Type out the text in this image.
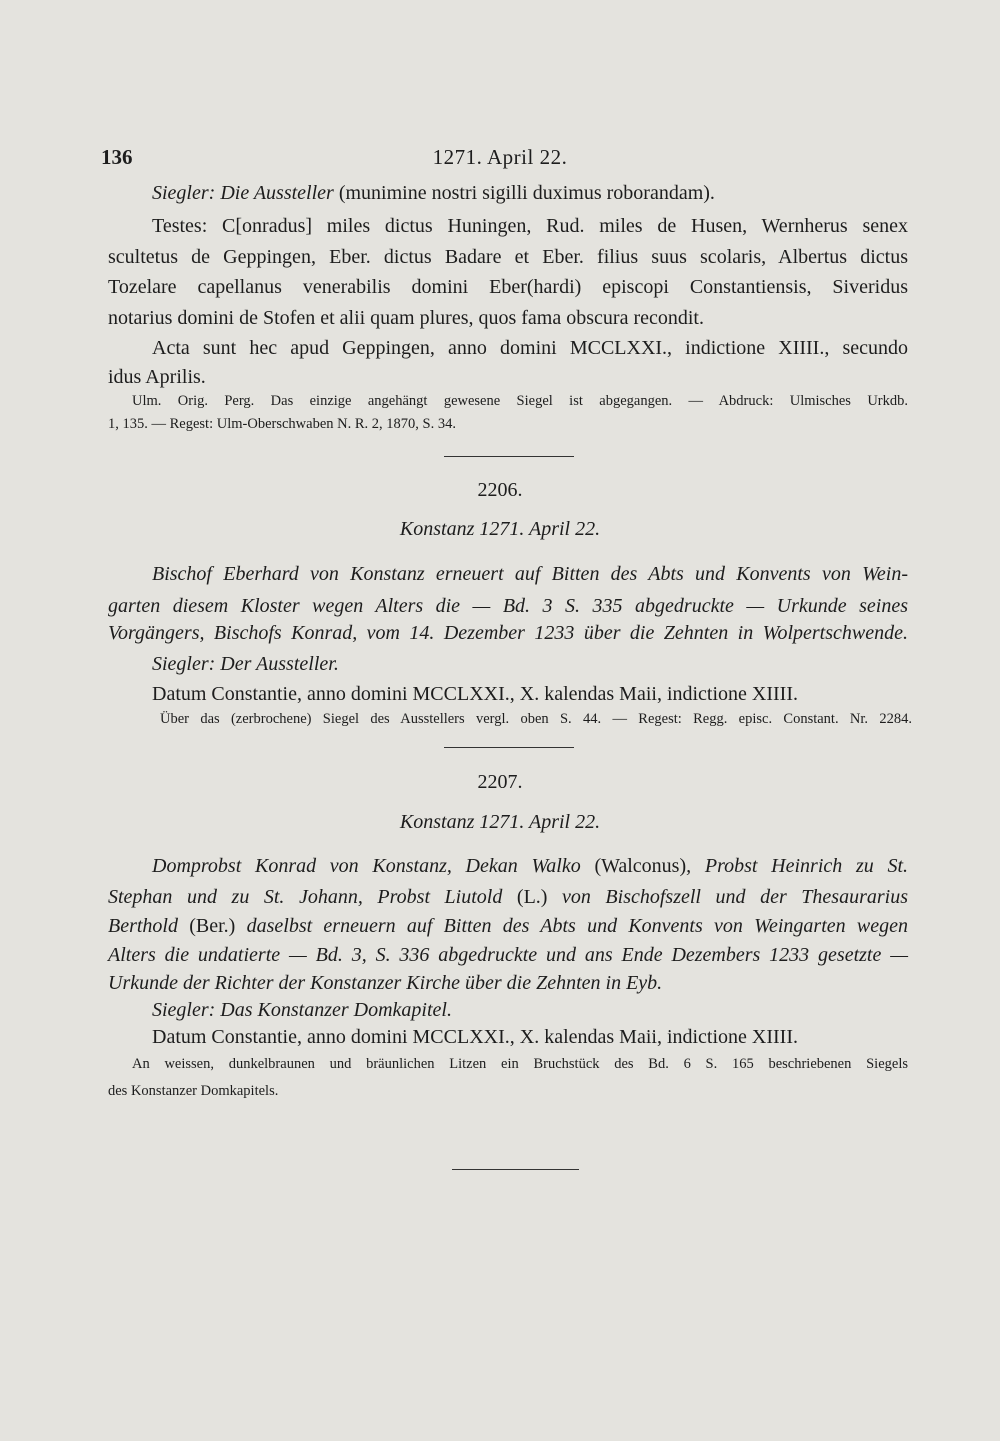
136	1271. April 22.
Siegler: Die Aussteller (munimine nostri sigilli duximus roborandam).
Testes: C[onradus] miles dictus Huningen, Rud. miles de Husen, Wernherus senex
scultetus de Geppingen, Eber. dictus Badare et Eber. filius suus scolaris, Albertus dictus
Tozelare capellanus venerabilis domini Eber(hardi) episcopi Constantiensis, Siveridus
notarius domini de Stofen et alii quam plures, quos fama obscura recondit.
Acta sunt hec apud Geppingen, anno domini MCCLXXI., indictione XIIII., secundo
idus Aprilis.
Ulm. Orig. Perg. Das einzige angehängt gewesene Siegel ist abgegangen. — Abdruck: Ulmisches Urkdb.
1, 135. — Regest: Ulm-Oberschwaben N. R. 2, 1870, S. 34.
2206.
Konstanz 1271. April 22.
Bischof Eberhard von Konstanz erneuert auf Bitten des Abts und Konvents von Wein-
garten diesem Kloster wegen Alters die — Bd. 3 S. 335 abgedruckte — Urkunde seines
Vorgängers, Bischofs Konrad, vom 14. Dezember 1233 über die Zehnten in Wolpertschwende.
Siegler: Der Aussteller.
Datum Constantie, anno domini MCCLXXI., X. kalendas Maii, indictione XIIII.
Über das (zerbrochene) Siegel des Ausstellers vergl. oben S. 44. — Regest: Regg. episc. Constant. Nr. 2284.
2207.
Konstanz 1271. April 22.
Domprobst Konrad von Konstanz, Dekan Walko (Walconus), Probst Heinrich zu St.
Stephan und zu St. Johann, Probst Liutold (L.) von Bischofszell und der Thesaurarius
Berthold (Ber.) daselbst erneuern auf Bitten des Abts und Konvents von Weingarten wegen
Alters die undatierte — Bd. 3, S. 336 abgedruckte und ans Ende Dezembers 1233 gesetzte —
Urkunde der Richter der Konstanzer Kirche über die Zehnten in Eyb.
Siegler: Das Konstanzer Domkapitel.
Datum Constantie, anno domini MCCLXXI., X. kalendas Maii, indictione XIIII.
An weissen, dunkelbraunen und bräunlichen Litzen ein Bruchstück des Bd. 6 S. 165 beschriebenen Siegels
des Konstanzer Domkapitels.
